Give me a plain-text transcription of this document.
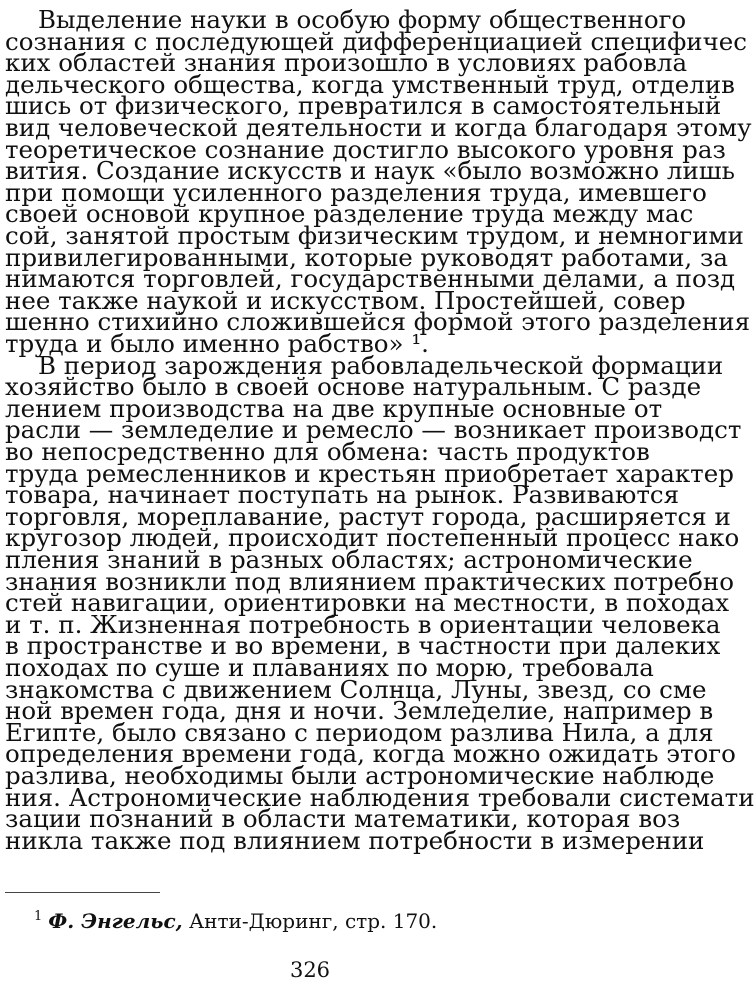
Выделение науки в особую форму общественного
сознания с последующей дифференциацией специфичес
ких областей знания произошло в условиях рабовла
дельческого общества, когда умственный труд, отделив
шись от физического, превратился в самостоятельный
вид человеческой деятельности и когда благодаря этому
теоретическое сознание достигло высокого уровня раз
вития. Создание искусств и наук «было возможно лишь
при помощи усиленного разделения труда, имевшего
своей основой крупное разделение труда между мас
сой, занятой простым физическим трудом, и немногими
привилегированными, которые руководят работами, за
нимаются торговлей, государственными делами, а позд
нее также наукой и искусством. Простейшей, совер
шенно стихийно сложившейся формой этого разделения
труда и было именно рабство» ¹.
В период зарождения рабовладельческой формации
хозяйство было в своей основе натуральным. С разде
лением производства на две крупные основные от
расли — земледелие и ремесло — возникает производст
во непосредственно для обмена: часть продуктов
труда ремесленников и крестьян приобретает характер
товара, начинает поступать на рынок. Развиваются
торговля, мореплавание, растут города, расширяется и
кругозор людей, происходит постепенный процесс нако
пления знаний в разных областях; астрономические
знания возникли под влиянием практических потребно
стей навигации, ориентировки на местности, в походах
и т. п. Жизненная потребность в ориентации человека
в пространстве и во времени, в частности при далеких
походах по суше и плаваниях по морю, требовала
знакомства с движением Солнца, Луны, звезд, со сме
ной времен года, дня и ночи. Земледелие, например в
Египте, было связано с периодом разлива Нила, а для
определения времени года, когда можно ожидать этого
разлива, необходимы были астрономические наблюде
ния. Астрономические наблюдения требовали системати
зации познаний в области математики, которая воз
никла также под влиянием потребности в измерении
$^1$ Ф. Энгельс, Анти-Дюринг, стр. 170.
326
